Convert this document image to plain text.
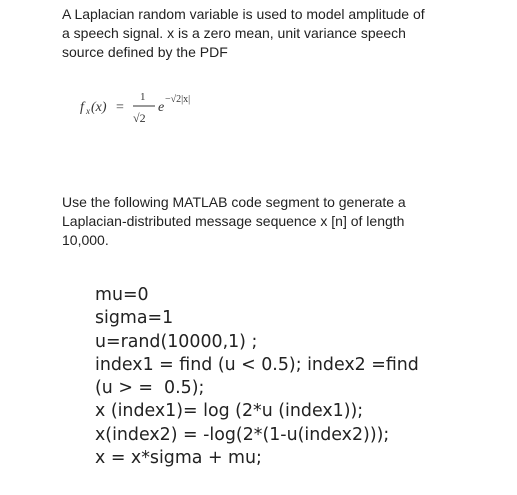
A Laplacian random variable is used to model amplitude of
a speech signal. x is a zero mean, unit variance speech
source defined by the PDF
f x (x) =
1
√2
e
−√2|x|
Use the following MATLAB code segment to generate a
Laplacian-distributed message sequence x [n] of length
10,000.
mu=0
sigma=1
u=rand(10000,1) ;
index1 = find (u < 0.5); index2 =find
(u > =  0.5);
x (index1)= log (2*u (index1));
x(index2) = -log(2*(1-u(index2)));
x = x*sigma + mu;
